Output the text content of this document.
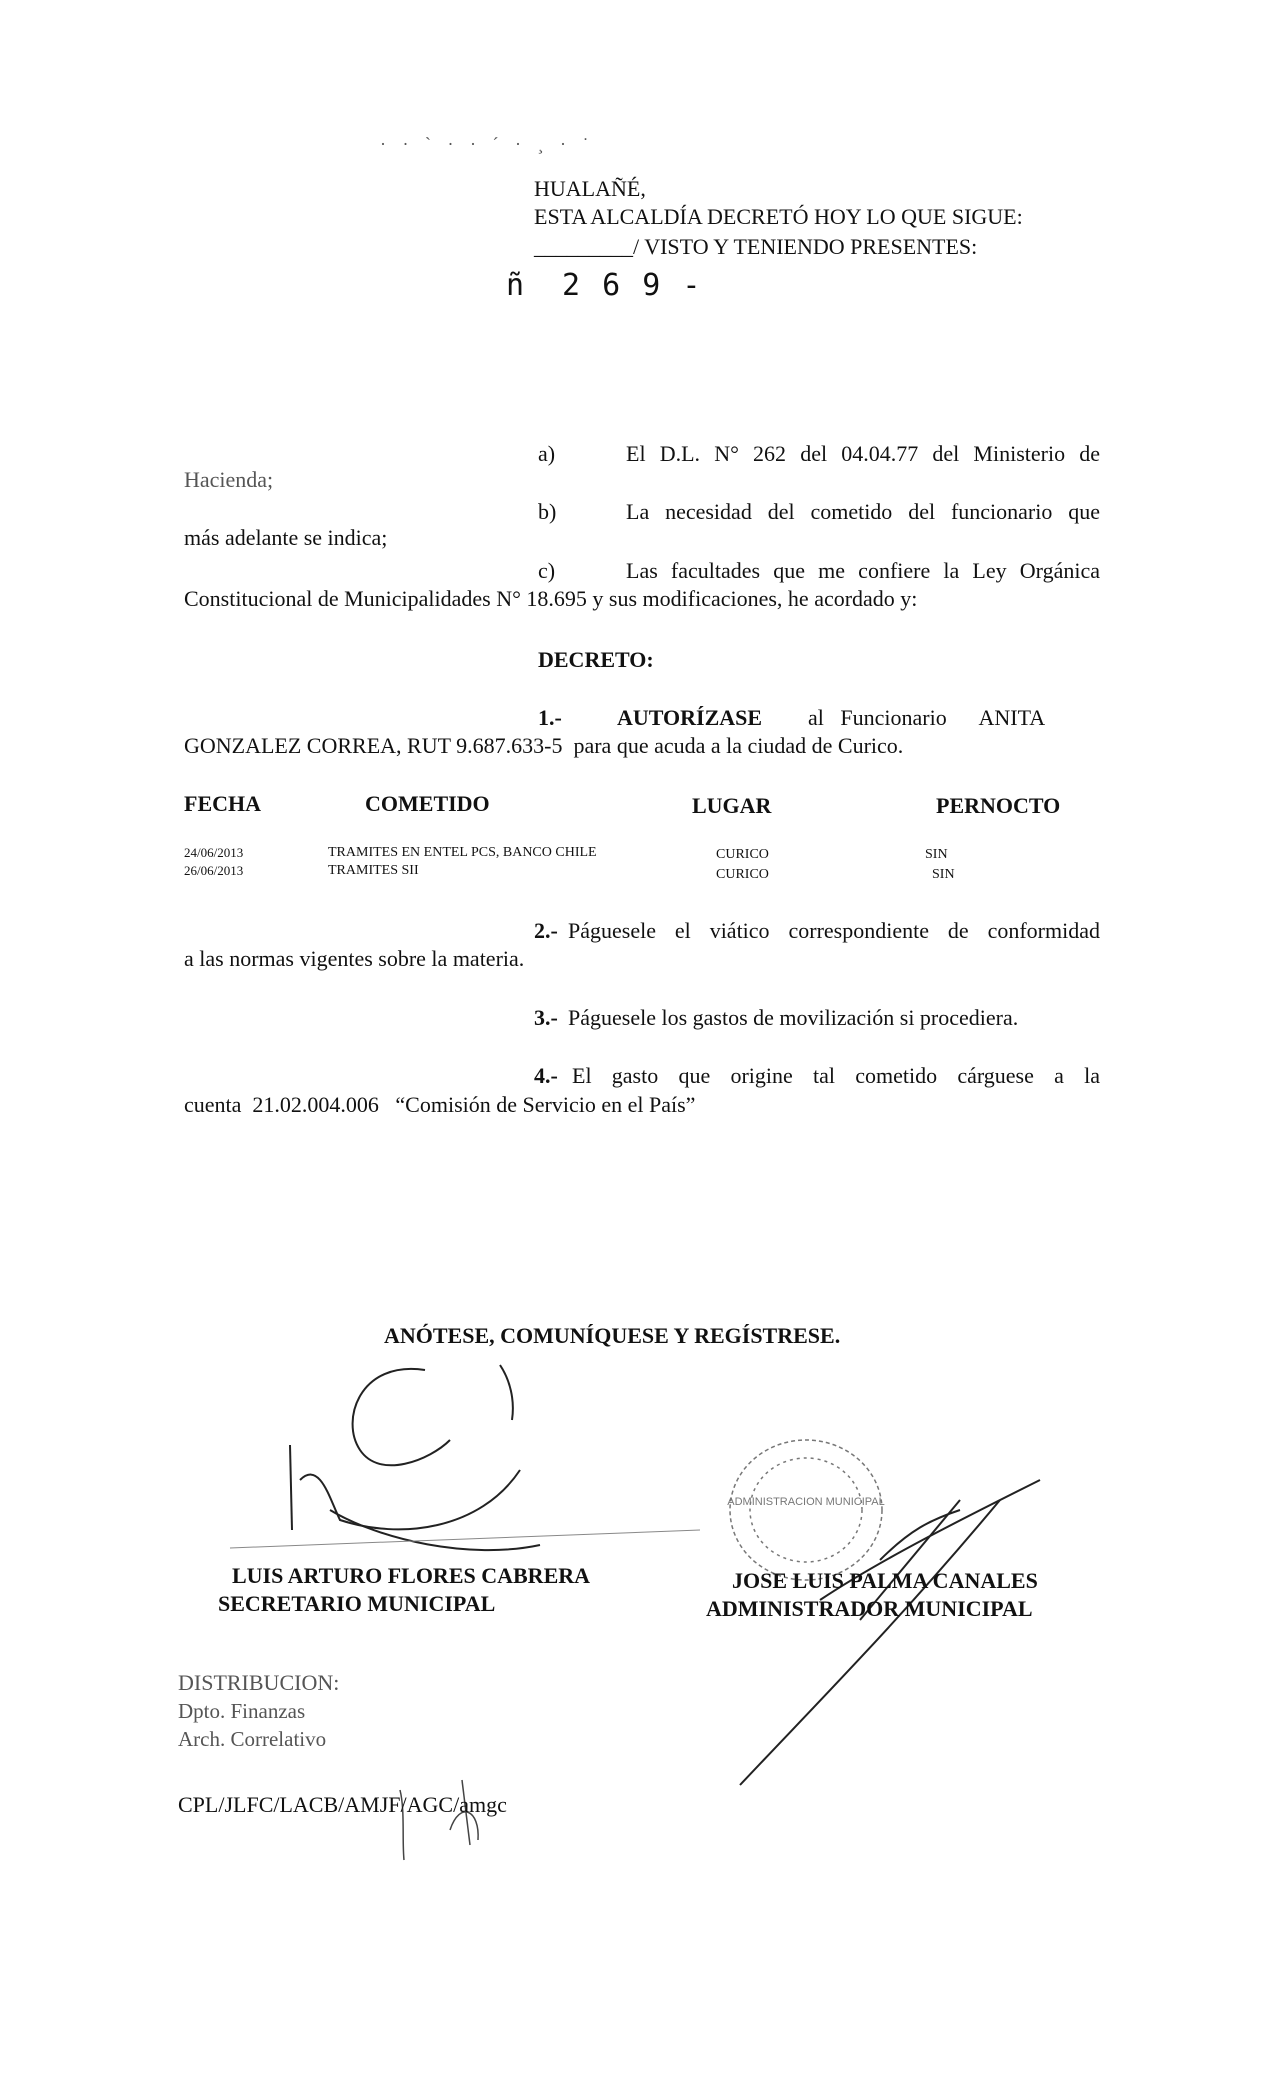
· · ` · · ´ · ¸ · ˙
HUALAÑÉ,
ESTA ALCALDÍA DECRETÓ HOY LO QUE SIGUE:
_________/ VISTO Y TENIENDO PRESENTES:
ñ 2 6 9 -
a)	El D.L. N° 262 del 04.04.77 del Ministerio de
Hacienda;
b)	La necesidad del cometido del funcionario que
más adelante se indica;
c)	Las facultades que me confiere la Ley Orgánica
Constitucional de Municipalidades N° 18.695 y sus modificaciones, he acordado y:
DECRETO:
1.-	AUTORÍZASE al   Funcionario      ANITA
GONZALEZ CORREA, RUT 9.687.633-5  para que acuda a la ciudad de Curico.
FECHA	COMETIDO	LUGAR	PERNOCTO
24/06/2013	TRAMITES EN ENTEL PCS, BANCO CHILE	CURICO	SIN
26/06/2013	TRAMITES SII	CURICO	SIN
2.- Páguesele el viático correspondiente de conformidad
a las normas vigentes sobre la materia.
3.- Páguesele los gastos de movilización si procediera.
4.- El gasto que origine tal cometido cárguese a la
cuenta  21.02.004.006   “Comisión de Servicio en el País”
ANÓTESE, COMUNÍQUESE Y REGÍSTRESE.
ADMINISTRACION MUNICIPAL
LUIS ARTURO FLORES CABRERA
SECRETARIO MUNICIPAL
JOSE LUIS PALMA CANALES
ADMINISTRADOR MUNICIPAL
DISTRIBUCION:
Dpto. Finanzas
Arch. Correlativo
CPL/JLFC/LACB/AMJF/AGC/amgc
